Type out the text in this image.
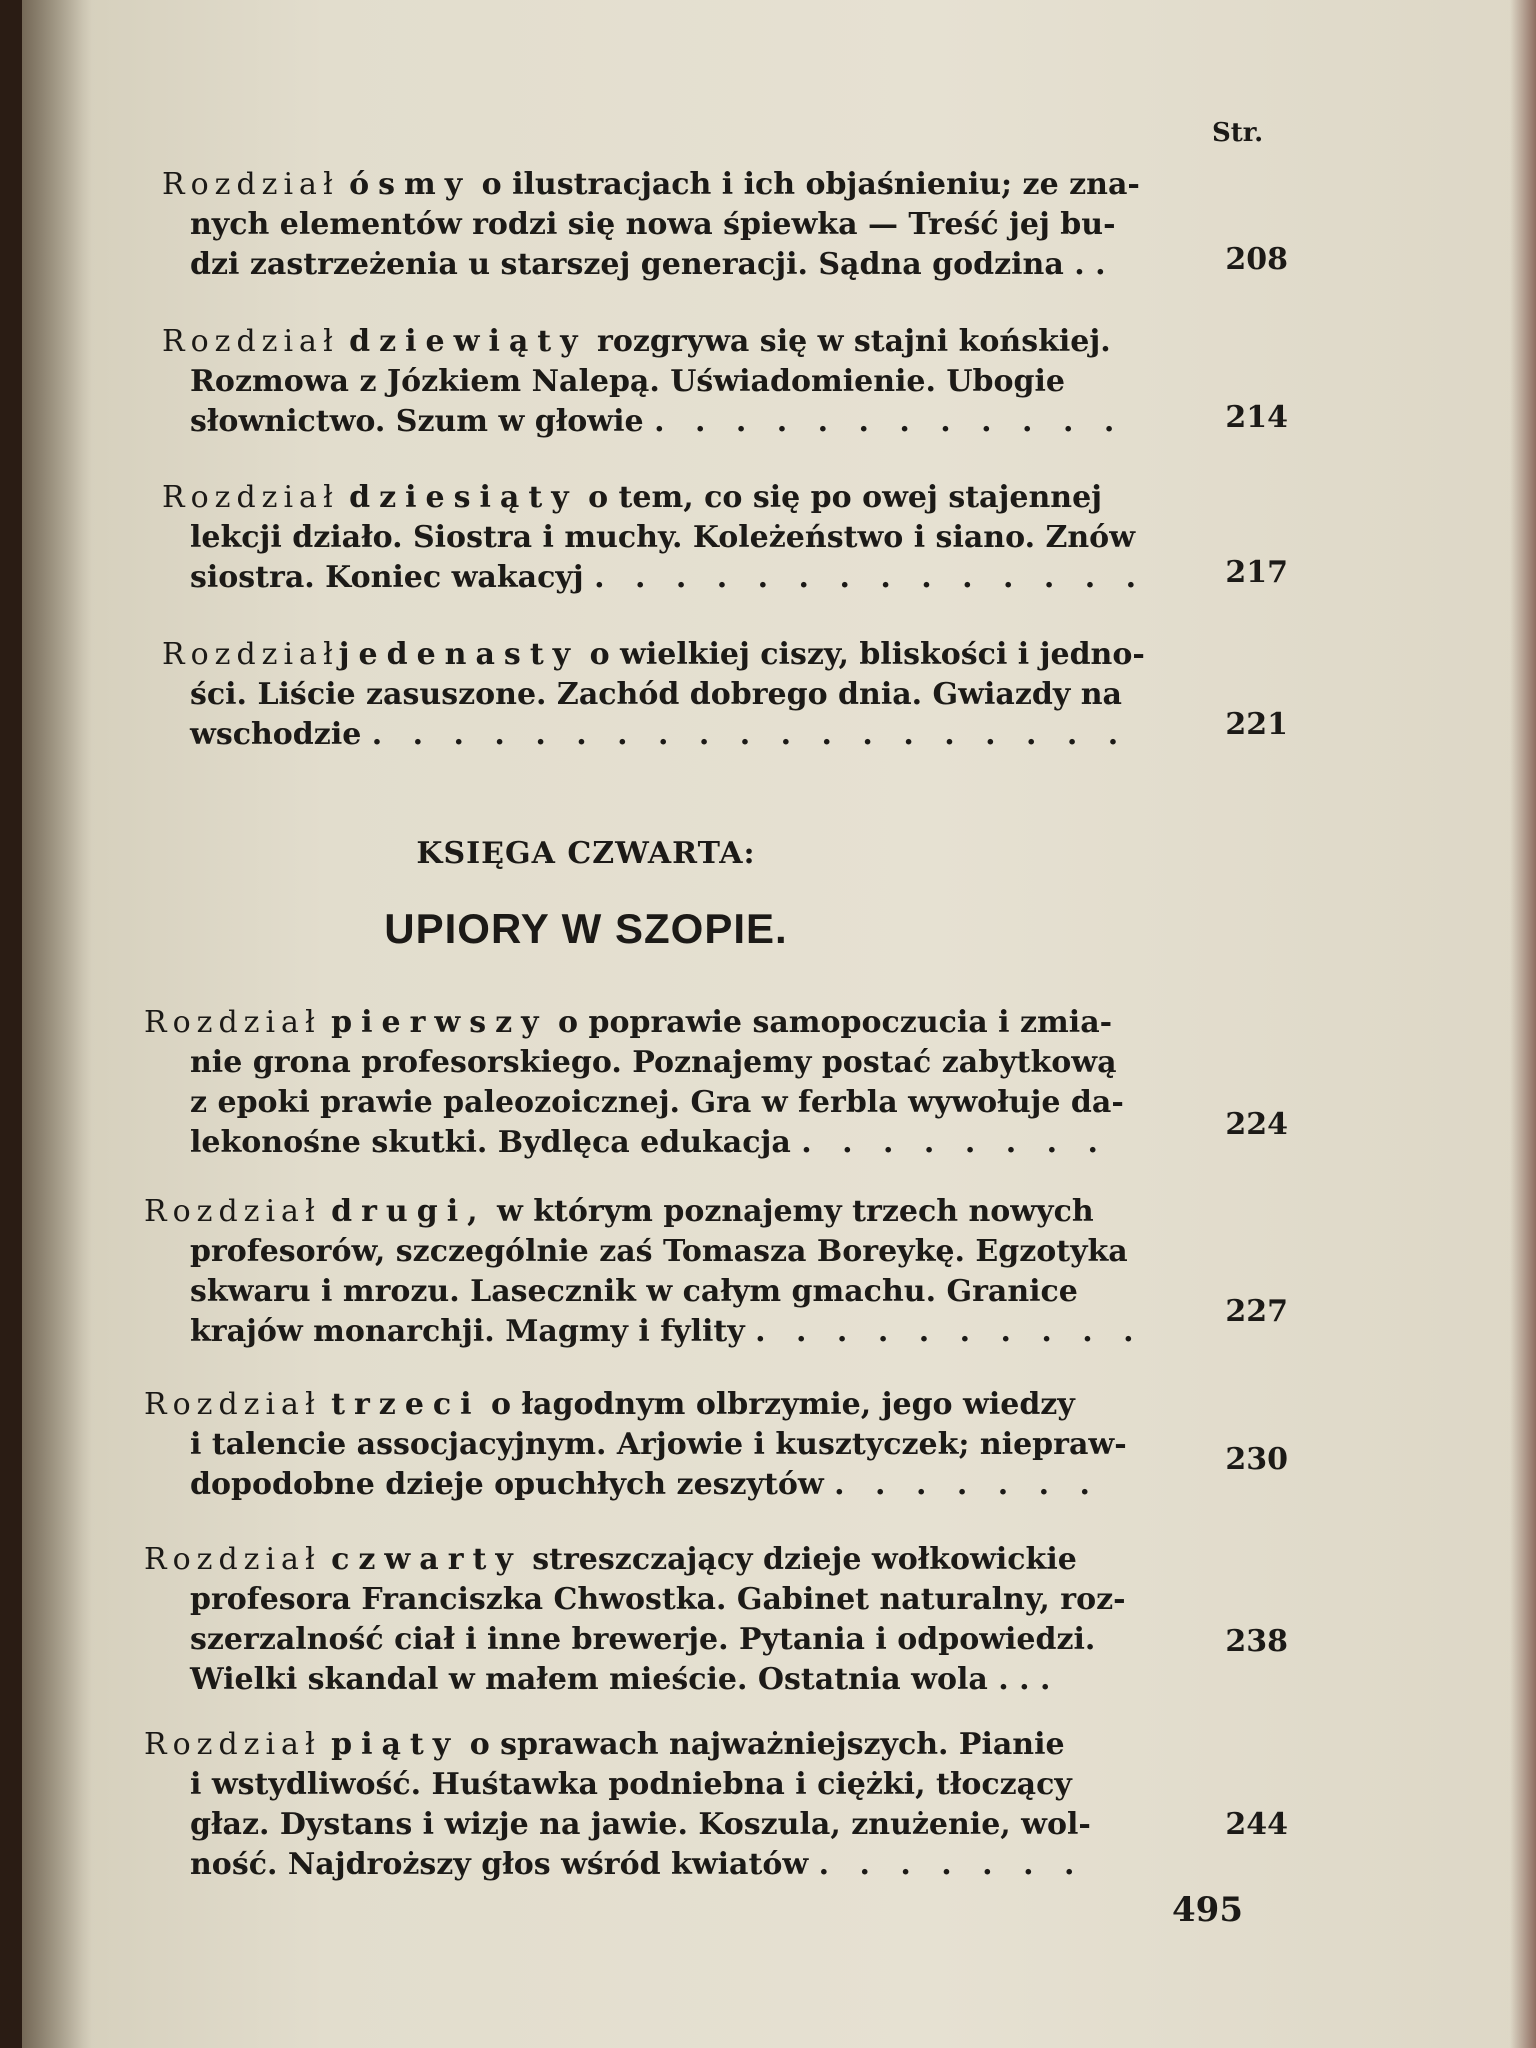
Str.
Rozdział ósmy o ilustracjach i ich objaśnieniu; ze zna-
nych elementów rodzi się nowa śpiewka — Treść jej bu-
dzi zastrzeżenia u starszej generacji. Sądna godzina . .	208
Rozdział dziewiąty rozgrywa się w stajni końskiej.
Rozmowa z Józkiem Nalepą. Uświadomienie. Ubogie
słownictwo. Szum w głowie . . . . . . . . . . . .	214
Rozdział dziesiąty o tem, co się po owej stajennej
lekcji działo. Siostra i muchy. Koleżeństwo i siano. Znów
siostra. Koniec wakacyj . . . . . . . . . . . . . .	217
Rozdziałjedenasty o wielkiej ciszy, bliskości i jedno-
ści. Liście zasuszone. Zachód dobrego dnia. Gwiazdy na
wschodzie . . . . . . . . . . . . . . . . . . .	221
KSIĘGA CZWARTA:
UPIORY W SZOPIE.
Rozdział pierwszy o poprawie samopoczucia i zmia-
nie grona profesorskiego. Poznajemy postać zabytkową
z epoki prawie paleozoicznej. Gra w ferbla wywołuje da-
lekonośne skutki. Bydlęca edukacja . . . . . . . .
224
Rozdział drugi, w którym poznajemy trzech nowych
profesorów, szczególnie zaś Tomasza Boreykę. Egzotyka
skwaru i mrozu. Lasecznik w całym gmachu. Granice
krajów monarchji. Magmy i fylity . . . . . . . . . .
227
Rozdział trzeci o łagodnym olbrzymie, jego wiedzy
i talencie assocjacyjnym. Arjowie i kusztyczek; nieprаw-
dopodobne dzieje opuchłych zeszytów . . . . . . .
230
Rozdział czwarty streszczający dzieje wołkowickie
profesora Franciszka Chwostka. Gabinet naturalny, roz-
szerzalność ciał i inne brewerje. Pytania i odpowiedzi.
Wielki skandal w małem mieście. Ostatnia wola . . .
238
Rozdział piąty o sprawach najważniejszych. Pianie
i wstydliwość. Huśtawka podniebna i ciężki, tłoczący
głaz. Dystans i wizje na jawie. Koszula, znużenie, wol-
ność. Najdroższy głos wśród kwiatów . . . . . . .
244
495
